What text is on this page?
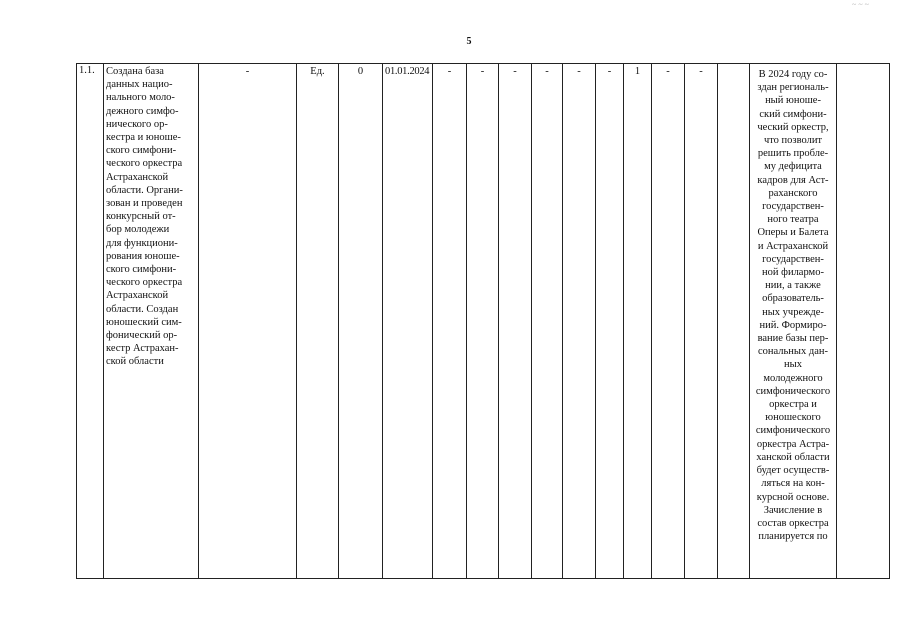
5
~ ~ ~
1.1.	Создана база
данных нацио-
нального моло-
дежного симфо-
нического ор-
кестра и юноше-
ского симфони-
ческого оркестра
Астраханской
области. Органи-
зован и проведен
конкурсный от-
бор молодежи
для функциони-
рования юноше-
ского симфони-
ческого оркестра
Астраханской
области. Создан
юношеский сим-
фонический ор-
кестр Астрахан-
ской области	-	Ед.	0	01.01.2024	-	-	-	-	-	-	1	-	-		В 2024 году со-
здан региональ-
ный юноше-
ский симфони-
ческий оркестр,
что позволит
решить пробле-
му дефицита
кадров для Аст-
раханского
государствен-
ного театра
Оперы и Балета
и Астраханской
государствен-
ной филармо-
нии, а также
образователь-
ных учрежде-
ний. Формиро-
вание базы пер-
сональных дан-
ных
молодежного
симфонического
оркестра и
юношеского
симфонического
оркестра Астра-
ханской области
будет осуществ-
ляться на кон-
курсной основе.
Зачисление в
состав оркестра
планируется по	
